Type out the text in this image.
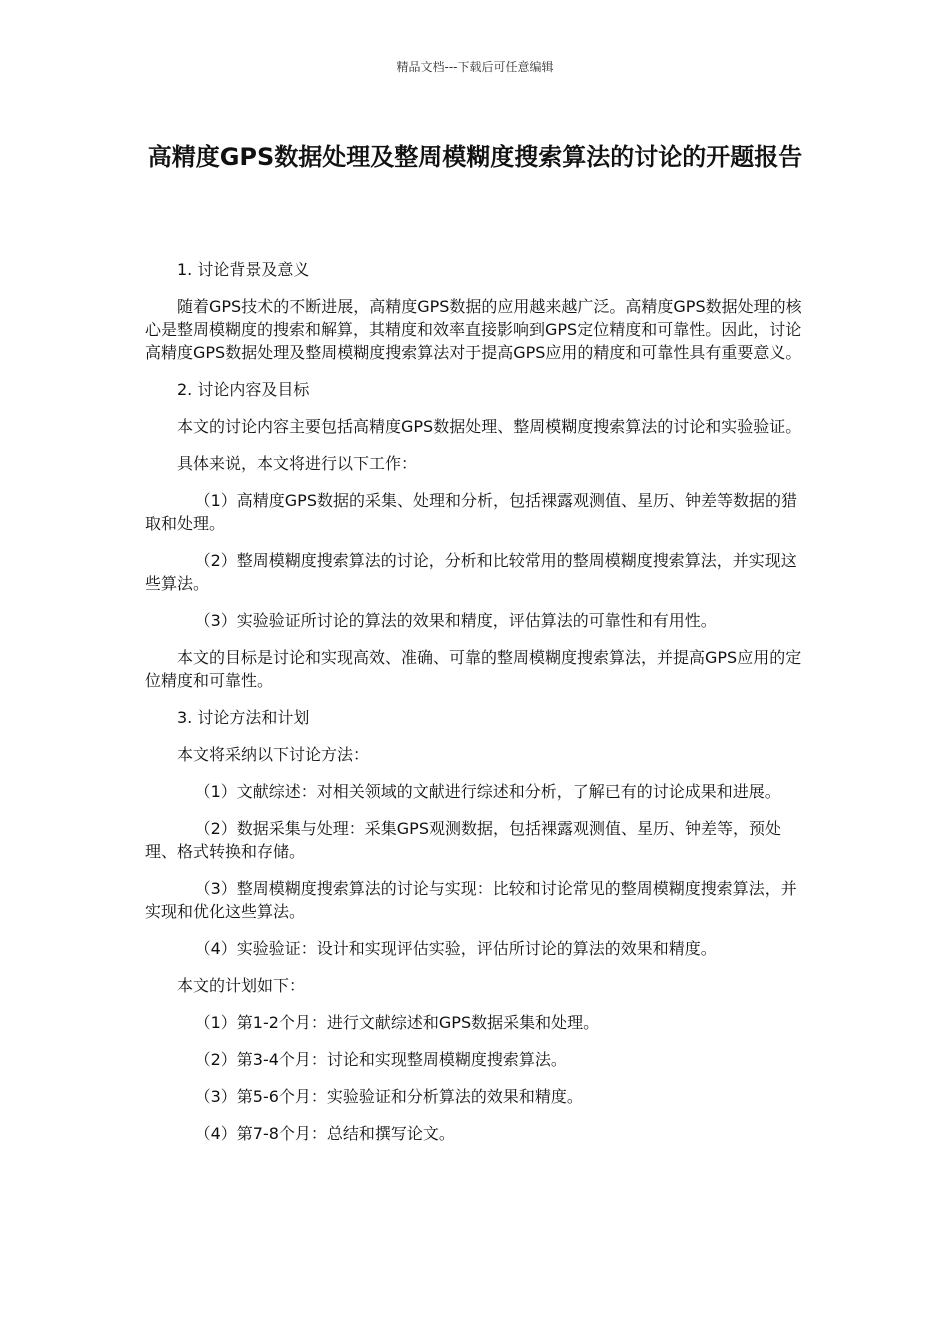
精品文档---下载后可任意编辑
高精度GPS数据处理及整周模糊度搜索算法的讨论的开题报告

1. 讨论背景及意义

随着GPS技术的不断进展，高精度GPS数据的应用越来越广泛。高精度GPS数据处理的核心是整周模糊度的搜索和解算，其精度和效率直接影响到GPS定位精度和可靠性。因此，讨论高精度GPS数据处理及整周模糊度搜索算法对于提高GPS应用的精度和可靠性具有重要意义。

2. 讨论内容及目标

本文的讨论内容主要包括高精度GPS数据处理、整周模糊度搜索算法的讨论和实验验证。

具体来说，本文将进行以下工作：

（1）高精度GPS数据的采集、处理和分析，包括裸露观测值、星历、钟差等数据的猎取和处理。

（2）整周模糊度搜索算法的讨论，分析和比较常用的整周模糊度搜索算法，并实现这些算法。

（3）实验验证所讨论的算法的效果和精度，评估算法的可靠性和有用性。

本文的目标是讨论和实现高效、准确、可靠的整周模糊度搜索算法，并提高GPS应用的定位精度和可靠性。

3. 讨论方法和计划

本文将采纳以下讨论方法：

（1）文献综述：对相关领域的文献进行综述和分析，了解已有的讨论成果和进展。

（2）数据采集与处理：采集GPS观测数据，包括裸露观测值、星历、钟差等，预处理、格式转换和存储。

（3）整周模糊度搜索算法的讨论与实现：比较和讨论常见的整周模糊度搜索算法，并实现和优化这些算法。

（4）实验验证：设计和实现评估实验，评估所讨论的算法的效果和精度。

本文的计划如下：

（1）第1-2个月：进行文献综述和GPS数据采集和处理。

（2）第3-4个月：讨论和实现整周模糊度搜索算法。

（3）第5-6个月：实验验证和分析算法的效果和精度。

（4）第7-8个月：总结和撰写论文。
